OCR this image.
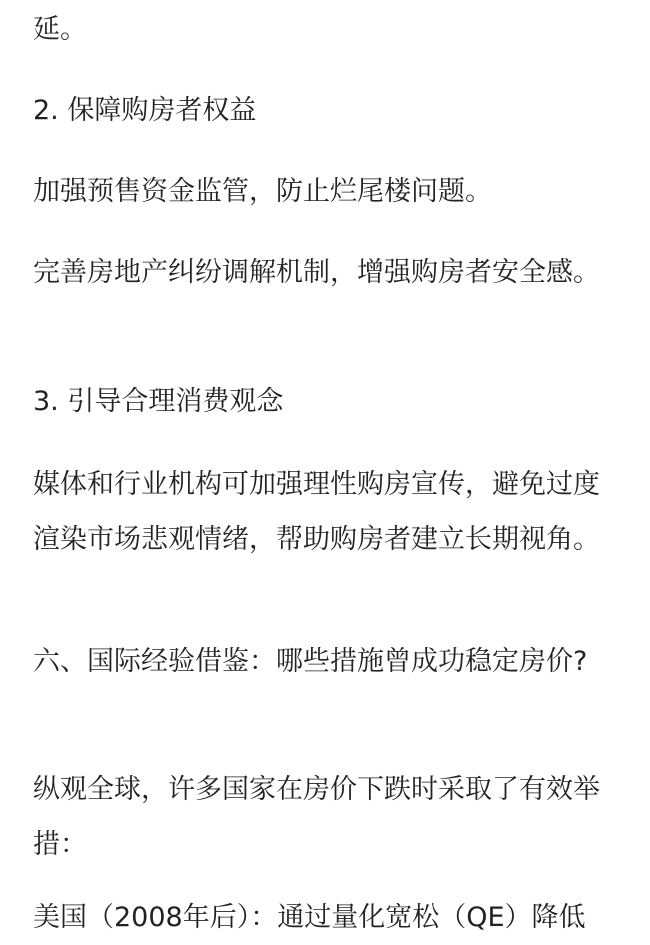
延。

2. 保障购房者权益

加强预售资金监管，防止烂尾楼问题。

完善房地产纠纷调解机制，增强购房者安全感。

3. 引导合理消费观念

媒体和行业机构可加强理性购房宣传，避免过度渲染市场悲观情绪，帮助购房者建立长期视角。

六、国际经验借鉴：哪些措施曾成功稳定房价?

纵观全球，许多国家在房价下跌时采取了有效举措：

美国（2008年后）：通过量化宽松（QE）降低
